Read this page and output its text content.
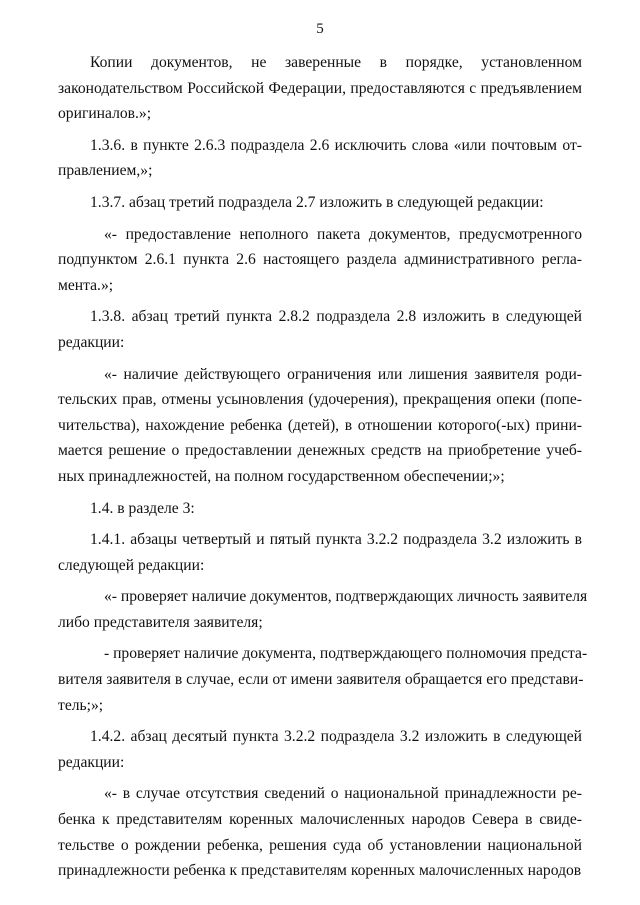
5
Копии документов, не заверенные в порядке, установленном
законодательством Российской Федерации, предоставляются с предъявлением
оригиналов.»;
1.3.6. в пункте 2.6.3 подраздела 2.6 исключить слова «или почтовым от-
правлением,»;
1.3.7. абзац третий подраздела 2.7 изложить в следующей редакции:
«- предоставление неполного пакета документов, предусмотренного
подпунктом 2.6.1 пункта 2.6 настоящего раздела административного регла-
мента.»;
1.3.8. абзац третий пункта 2.8.2 подраздела 2.8 изложить в следующей
редакции:
«- наличие действующего ограничения или лишения заявителя роди-
тельских прав, отмены усыновления (удочерения), прекращения опеки (попе-
чительства), нахождение ребенка (детей), в отношении которого(-ых) прини-
мается решение о предоставлении денежных средств на приобретение учеб-
ных принадлежностей, на полном государственном обеспечении;»;
1.4. в разделе 3:
1.4.1. абзацы четвертый и пятый пункта 3.2.2 подраздела 3.2 изложить в
следующей редакции:
«- проверяет наличие документов, подтверждающих личность заявителя
либо представителя заявителя;
- проверяет наличие документа, подтверждающего полномочия предста-
вителя заявителя в случае, если от имени заявителя обращается его представи-
тель;»;
1.4.2. абзац десятый пункта 3.2.2 подраздела 3.2 изложить в следующей
редакции:
«- в случае отсутствия сведений о национальной принадлежности ре-
бенка к представителям коренных малочисленных народов Севера в свиде-
тельстве о рождении ребенка, решения суда об установлении национальной
принадлежности ребенка к представителям коренных малочисленных народов
